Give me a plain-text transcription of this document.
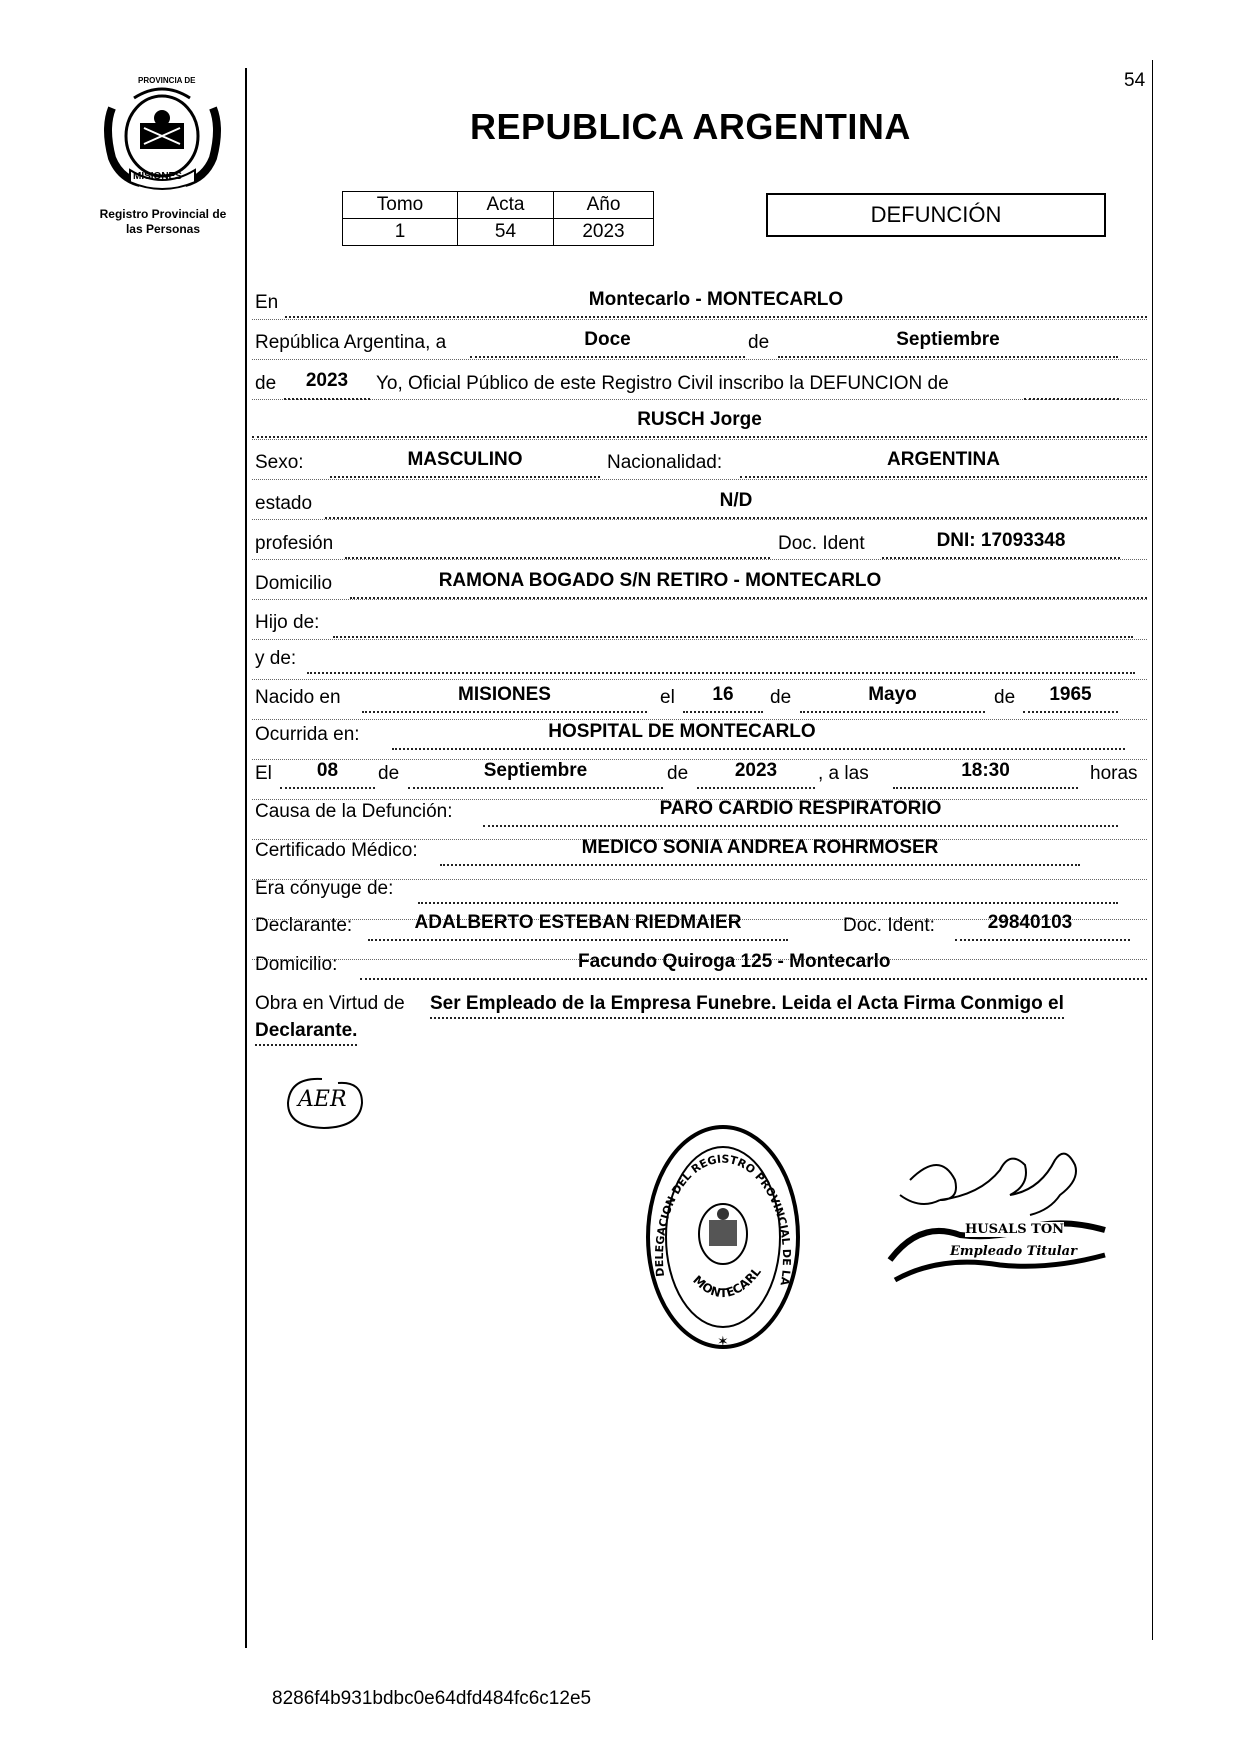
PROVINCIA DE
MISIONES
Registro Provincial de
las Personas
REPUBLICA ARGENTINA
54
Tomo	Acta	Año
1	54	2023
DEFUNCIÓN
En	Montecarlo - MONTECARLO
República Argentina, a	Doce	de	Septiembre
de	2023	Yo, Oficial Público de este Registro Civil inscribo la DEFUNCION de
RUSCH Jorge
Sexo:	MASCULINO	Nacionalidad:	ARGENTINA
estado	N/D
profesión	Doc. Ident	DNI: 17093348
Domicilio	RAMONA BOGADO S/N RETIRO - MONTECARLO
Hijo de:
y de:
Nacido en	MISIONES	el	16	de	Mayo	de	1965
Ocurrida en:	HOSPITAL DE MONTECARLO
El	08	de	Septiembre	de	2023	, a las	18:30	horas
Causa de la Defunción:	PARO CARDIO RESPIRATORIO
Certificado Médico:	MEDICO SONIA ANDREA ROHRMOSER
Era cónyuge de:
Declarante:	ADALBERTO ESTEBAN RIEDMAIER	Doc. Ident:	29840103
Domicilio:	Facundo Quiroga 125 - Montecarlo
Obra en Virtud de Ser Empleado de la Empresa Funebre. Leida el Acta Firma Conmigo el
Declarante.
AER
DELEGACION DEL REGISTRO PROVINCIAL DE LA
MONTECARL
✶
HUSALS TON
Empleado Titular
8286f4b931bdbc0e64dfd484fc6c12e5
